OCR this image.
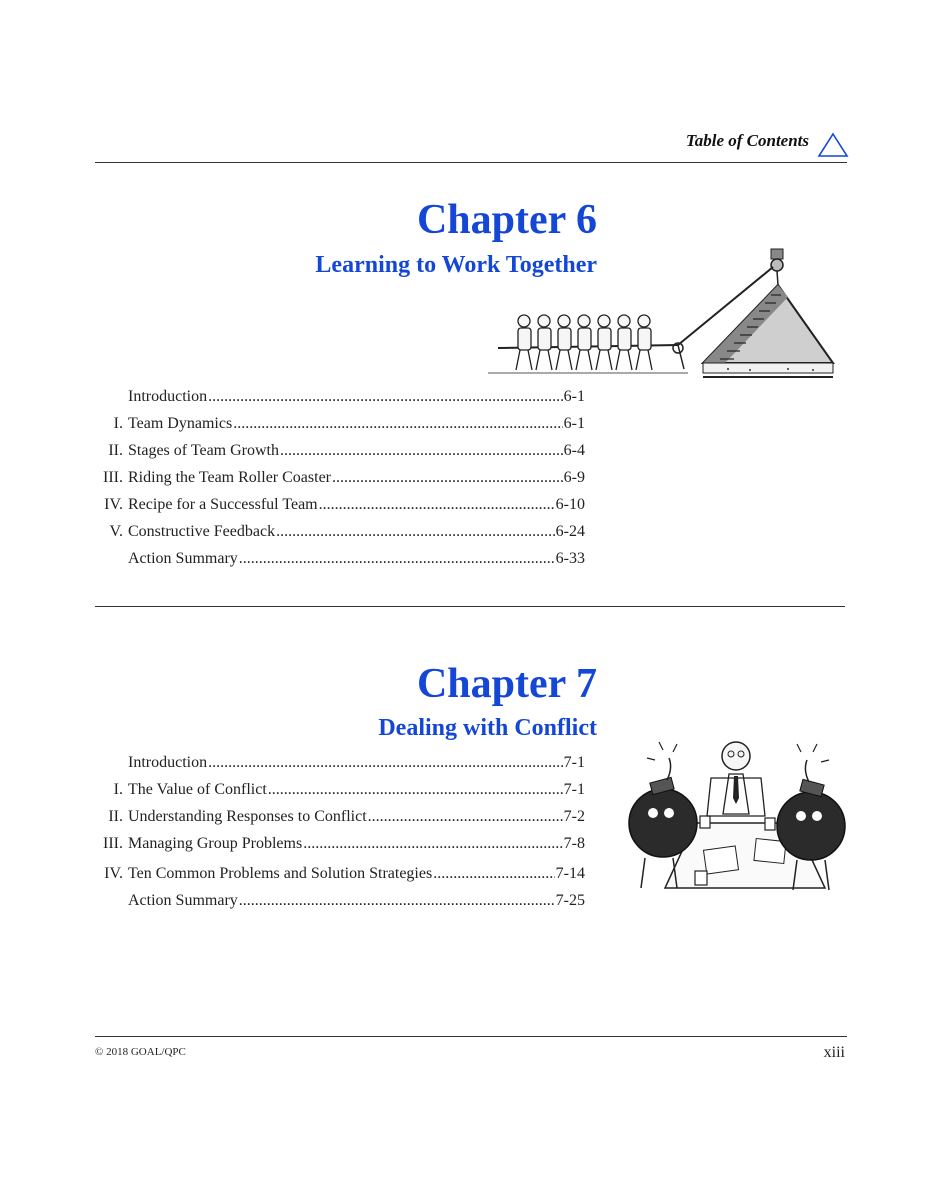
Table of Contents
Chapter 6
Learning to Work Together
Introduction .....	6-1
I. Team Dynamics .....	6-1
II. Stages of Team Growth .....	6-4
III. Riding the Team Roller Coaster .....	6-9
IV. Recipe for a Successful Team .....	6-10
V. Constructive Feedback .....	6-24
Action Summary .....	6-33
Chapter 7
Dealing with Conflict
Introduction .....	7-1
I. The Value of Conflict .....	7-1
II. Understanding Responses to Conflict .....	7-2
III. Managing Group Problems .....	7-8
IV. Ten Common Problems and Solution Strategies .....	7-14
Action Summary .....	7-25
© 2018 GOAL/QPC	xiii
